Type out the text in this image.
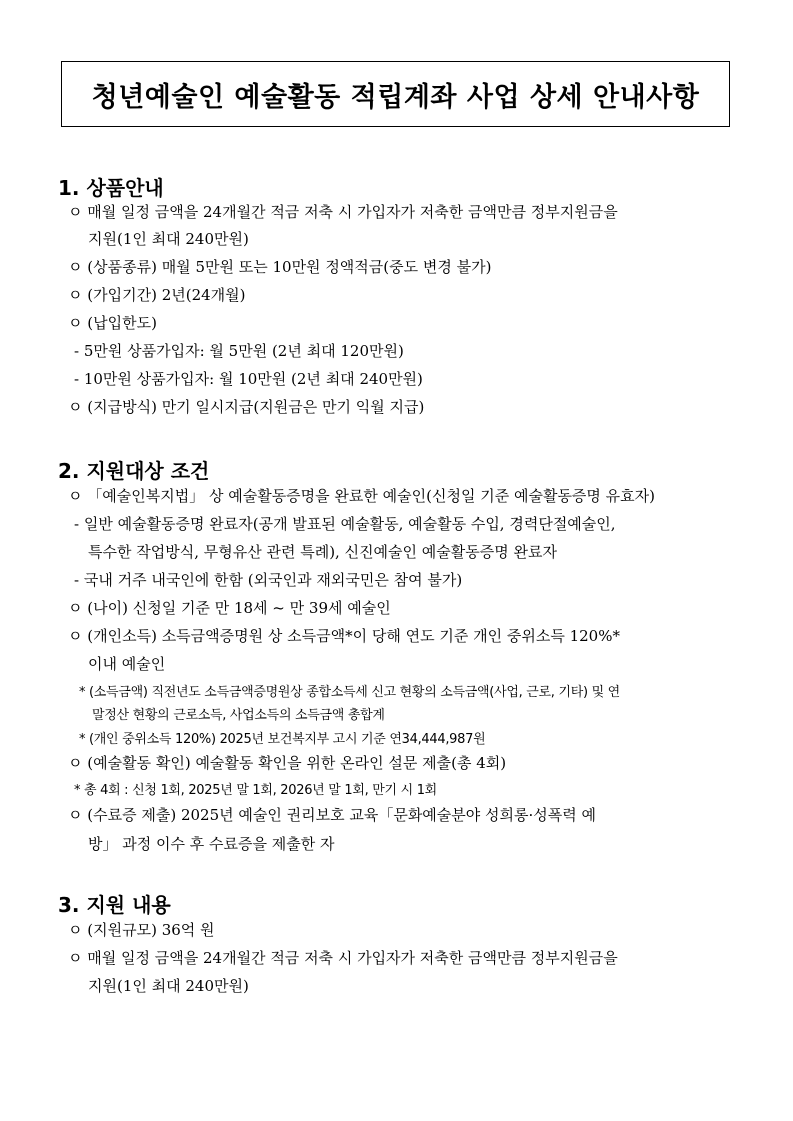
청년예술인 예술활동 적립계좌 사업 상세 안내사항
1. 상품안내
ㅇ 매월 일정 금액을 24개월간 적금 저축 시 가입자가 저축한 금액만큼 정부지원금을
지원(1인 최대 240만원)
ㅇ (상품종류) 매월 5만원 또는 10만원 정액적금(중도 변경 불가)
ㅇ (가입기간) 2년(24개월)
ㅇ (납입한도)
- 5만원 상품가입자: 월 5만원 (2년 최대 120만원)
- 10만원 상품가입자: 월 10만원 (2년 최대 240만원)
ㅇ (지급방식) 만기 일시지급(지원금은 만기 익월 지급)
2. 지원대상 조건
ㅇ 「예술인복지법」 상 예술활동증명을 완료한 예술인(신청일 기준 예술활동증명 유효자)
- 일반 예술활동증명 완료자(공개 발표된 예술활동, 예술활동 수입, 경력단절예술인,
특수한 작업방식, 무형유산 관련 특례), 신진예술인 예술활동증명 완료자
- 국내 거주 내국인에 한함 (외국인과 재외국민은 참여 불가)
ㅇ (나이) 신청일 기준 만 18세 ~ 만 39세 예술인
ㅇ (개인소득) 소득금액증명원 상 소득금액*이 당해 연도 기준 개인 중위소득 120%*
이내 예술인
* (소득금액) 직전년도 소득금액증명원상 종합소득세 신고 현황의 소득금액(사업, 근로, 기타) 및 연
말정산 현황의 근로소득, 사업소득의 소득금액 총합계
* (개인 중위소득 120%) 2025년 보건복지부 고시 기준 연34,444,987원
ㅇ (예술활동 확인) 예술활동 확인을 위한 온라인 설문 제출(총 4회)
* 총 4회 : 신청 1회, 2025년 말 1회, 2026년 말 1회, 만기 시 1회
ㅇ (수료증 제출) 2025년 예술인 권리보호 교육「문화예술분야 성희롱·성폭력 예
방」 과정 이수 후 수료증을 제출한 자
3. 지원 내용
ㅇ (지원규모) 36억 원
ㅇ 매월 일정 금액을 24개월간 적금 저축 시 가입자가 저축한 금액만큼 정부지원금을
지원(1인 최대 240만원)
